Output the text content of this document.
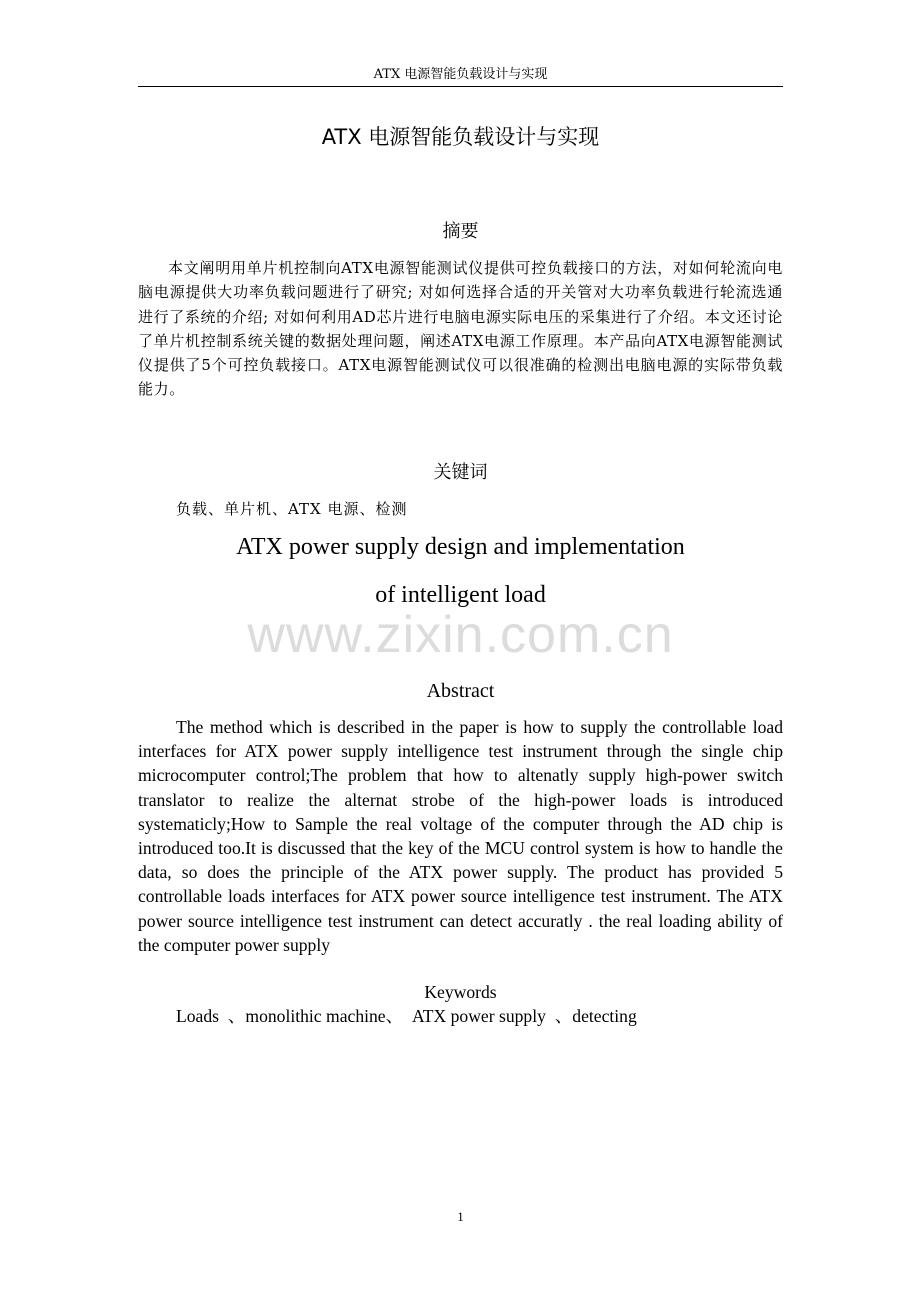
ATX 电源智能负载设计与实现
ATX 电源智能负载设计与实现
摘要
本文阐明用单片机控制向ATX电源智能测试仪提供可控负载接口的方法，对如何轮流向电脑电源提供大功率负载问题进行了研究; 对如何选择合适的开关管对大功率负载进行轮流选通进行了系统的介绍; 对如何利用AD芯片进行电脑电源实际电压的采集进行了介绍。本文还讨论了单片机控制系统关键的数据处理问题，阐述ATX电源工作原理。本产品向ATX电源智能测试仪提供了5个可控负载接口。ATX电源智能测试仪可以很准确的检测出电脑电源的实际带负载能力。
关键词
负载、单片机、ATX 电源、检测
ATX power supply design and implementation
of intelligent load
www.zixin.com.cn
Abstract
The method which is described in the paper is how to supply the controllable load interfaces for ATX power supply intelligence test instrument through the single chip microcomputer control;The problem that how to altenatly supply high-power switch translator to realize the alternat strobe of the high-power loads is introduced systematicly;How to Sample the real voltage of the computer through the AD chip is introduced too.It is discussed that the key of the MCU control system is how to handle the data, so does the principle of the ATX power supply. The product has provided 5 controllable loads interfaces for ATX power source intelligence test instrument. The ATX power source intelligence test instrument can detect accuratly . the real loading ability of the computer power supply
Keywords
Loads  、monolithic machine、  ATX power supply  、detecting
1
